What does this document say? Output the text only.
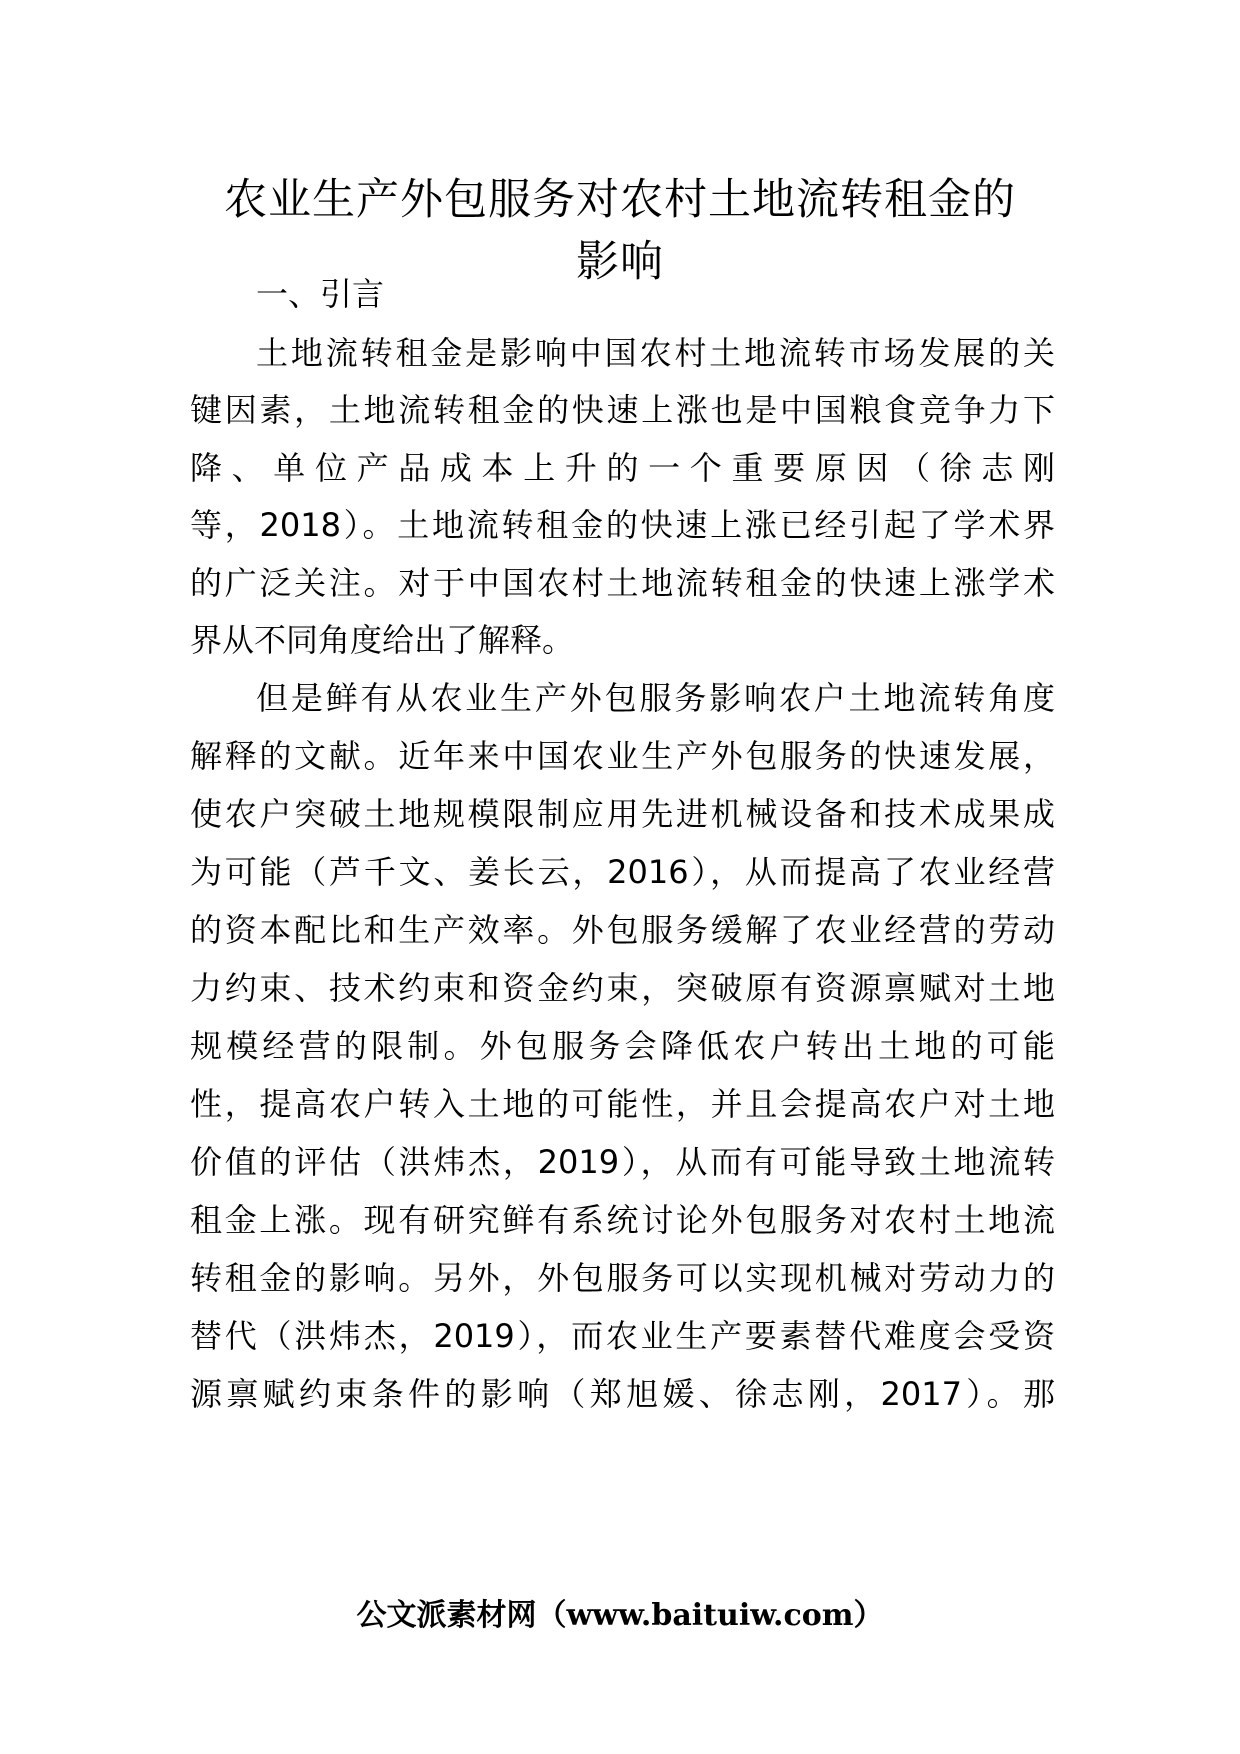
农业生产外包服务对农村土地流转租金的
影响
一、引言
土地流转租金是影响中国农村土地流转市场发展的关
键因素，土地流转租金的快速上涨也是中国粮食竞争力下
降、单位产品成本上升的一个重要原因（徐志刚
等，2018）。土地流转租金的快速上涨已经引起了学术界
的广泛关注。对于中国农村土地流转租金的快速上涨学术
界从不同角度给出了解释。
但是鲜有从农业生产外包服务影响农户土地流转角度
解释的文献。近年来中国农业生产外包服务的快速发展，
使农户突破土地规模限制应用先进机械设备和技术成果成
为可能（芦千文、姜长云，2016），从而提高了农业经营
的资本配比和生产效率。外包服务缓解了农业经营的劳动
力约束、技术约束和资金约束，突破原有资源禀赋对土地
规模经营的限制。外包服务会降低农户转出土地的可能
性，提高农户转入土地的可能性，并且会提高农户对土地
价值的评估（洪炜杰，2019），从而有可能导致土地流转
租金上涨。现有研究鲜有系统讨论外包服务对农村土地流
转租金的影响。另外，外包服务可以实现机械对劳动力的
替代（洪炜杰，2019），而农业生产要素替代难度会受资
源禀赋约束条件的影响（郑旭媛、徐志刚，2017）。那
公文派素材网（www.baituiw.com）
